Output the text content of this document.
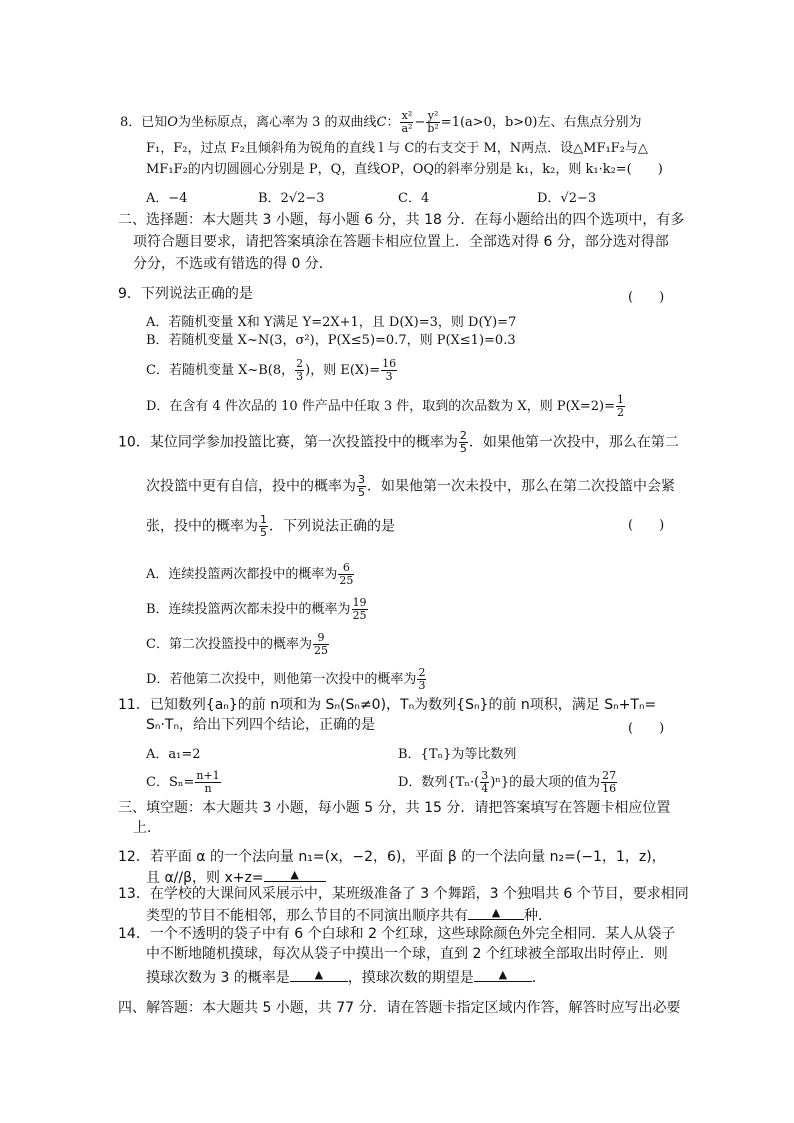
8．已知O为坐标原点，离心率为 3 的双曲线C： $\frac{\text{x²}}{\text{a²}} - \frac{\text{y²}}{\text{b²}} =1(a>0$，b>0)左、右焦点分别为
F₁，F₂，过点 F₂且倾斜角为锐角的直线 l 与 C的右支交于 M，N两点．设△MF₁F₂与△
MF₁F₂的内切圆圆心分别是 P，Q，直线OP，OQ的斜率分别是 k₁，k₂，则 k₁·k₂=(　　)
A．−4	B．2√2−3	C．4	D．√2−3
二、选择题：本大题共 3 小题，每小题 6 分，共 18 分．在每小题给出的四个选项中，有多
项符合题目要求，请把答案填涂在答题卡相应位置上．全部选对得 6 分，部分选对得部
分分，不选或有错选的得 0 分．
9．下列说法正确的是	(　　)
A．若随机变量 X和 Y满足 Y=2X+1，且 D(X)=3，则 D(Y)=7
B．若随机变量 X~N(3，σ²)，P(X≤5)=0.7，则 P(X≤1)=0.3
C．若随机变量 X~B(8， $\frac{2}{3}$ )，则 $E(X)= \frac{16}{3}$
D．在含有 4 件次品的 10 件产品中任取 3 件，取到的次品数为 X，则 $P(X=2)= \frac{1}{2}$
10．某位同学参加投篮比赛，第一次投篮投中的概率为 $\frac{2}{5}$ ．如果他第一次投中，那么在第二
次投篮中更有自信，投中的概率为 $\frac{3}{5}$ ．如果他第一次未投中，那么在第二次投篮中会紧
张，投中的概率为 $\frac{1}{5}$ ．下列说法正确的是	(　　)
A．连续投篮两次都投中的概率为 $\frac{6}{25}$
B．连续投篮两次都未投中的概率为 $\frac{19}{25}$
C．第二次投篮投中的概率为 $\frac{9}{25}$
D．若他第二次投中，则他第一次投中的概率为 $\frac{2}{3}$
11．已知数列{aₙ}的前 n项和为 Sₙ(Sₙ≠0)，Tₙ为数列{Sₙ}的前 n项积，满足 Sₙ+Tₙ=
Sₙ·Tₙ，给出下列四个结论，正确的是	(　　)
A．a₁=2	B．{Tₙ}为等比数列
C．$S_n= \frac{n+1}{n}$	D．数列$\{T_n\cdot( \frac{3}{4} )^n\}$的最大项的值为 $\frac{27}{16}$
三、填空题：本大题共 3 小题，每小题 5 分，共 15 分．请把答案填写在答题卡相应位置
上．
12．若平面 α 的一个法向量 n₁=(x，−2，6)，平面 β 的一个法向量 n₂=(−1，1，z)，
且 α//β，则 x+z= ▲
13．在学校的大课间风采展示中，某班级准备了 3 个舞蹈，3 个独唱共 6 个节目，要求相同
类型的节目不能相邻，那么节目的不同演出顺序共有 ▲ 种．
14．一个不透明的袋子中有 6 个白球和 2 个红球，这些球除颜色外完全相同．某人从袋子
中不断地随机摸球，每次从袋子中摸出一个球，直到 2 个红球被全部取出时停止．则
摸球次数为 3 的概率是 ▲ ，摸球次数的期望是 ▲ ．
四、解答题：本大题共 5 小题，共 77 分．请在答题卡指定区域内作答，解答时应写出必要
